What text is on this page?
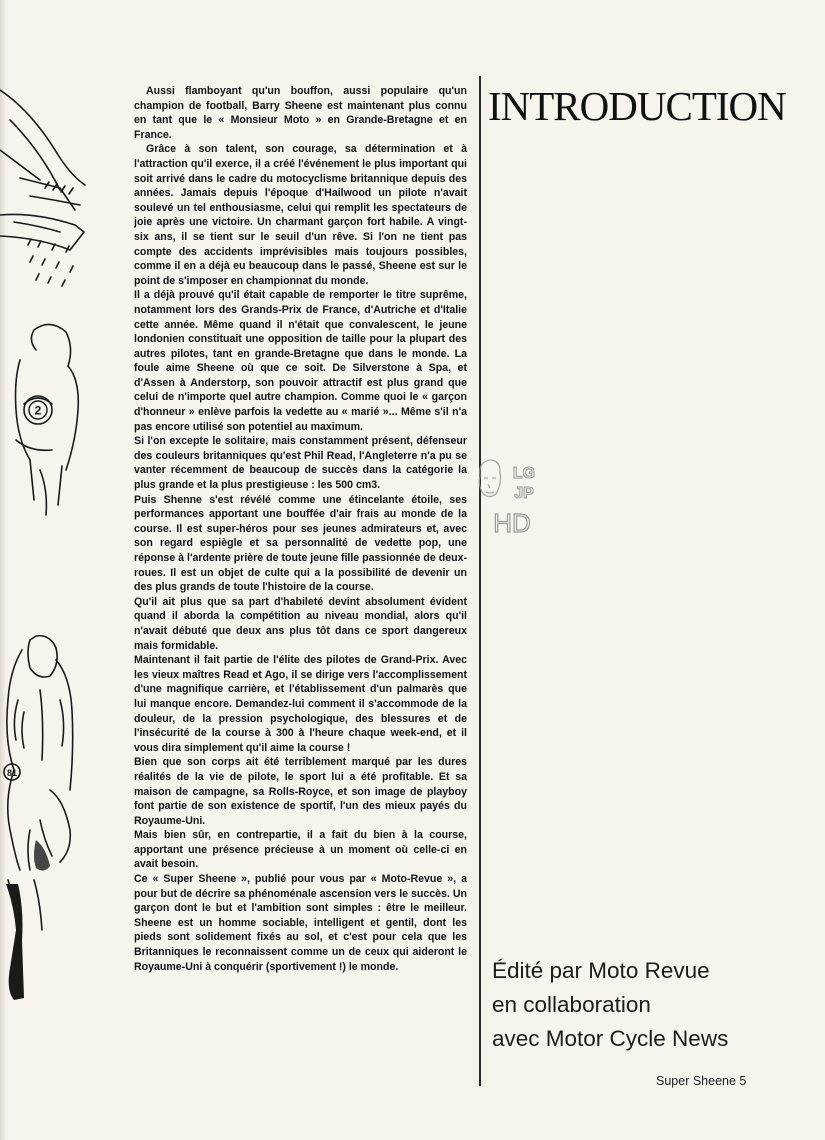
2
81

Aussi flamboyant qu'un bouffon, aussi populaire qu'un champion de football, Barry Sheene est maintenant plus connu en tant que le « Monsieur Moto » en Grande-Bretagne et en France.

Grâce à son talent, son courage, sa détermination et à l'attraction qu'il exerce, il a créé l'événement le plus important qui soit arrivé dans le cadre du motocyclisme britannique depuis des années. Jamais depuis l'époque d'Hailwood un pilote n'avait soulevé un tel enthousiasme, celui qui remplit les spectateurs de joie après une victoire. Un charmant garçon fort habile. A vingt-six ans, il se tient sur le seuil d'un rêve. Si l'on ne tient pas compte des accidents imprévisibles mais toujours possibles, comme il en a déjà eu beaucoup dans le passé, Sheene est sur le point de s'imposer en championnat du monde.

Il a déjà prouvé qu'il était capable de remporter le titre suprême, notamment lors des Grands-Prix de France, d'Autriche et d'Italie cette année. Même quand il n'était que convalescent, le jeune londonien constituait une opposition de taille pour la plupart des autres pilotes, tant en grande-Bretagne que dans le monde. La foule aime Sheene où que ce soit. De Silverstone à Spa, et d'Assen à Anderstorp, son pouvoir attractif est plus grand que celui de n'importe quel autre champion. Comme quoi le « garçon d'honneur » enlève parfois la vedette au « marié »... Même s'il n'a pas encore utilisé son potentiel au maximum.

Si l'on excepte le solitaire, mais constamment présent, défenseur des couleurs britanniques qu'est Phil Read, l'Angleterre n'a pu se vanter récemment de beaucoup de succès dans la catégorie la plus grande et la plus prestigieuse : les 500 cm3.

Puis Shenne s'est révélé comme une étincelante étoile, ses performances apportant une bouffée d'air frais au monde de la course. Il est super-héros pour ses jeunes admirateurs et, avec son regard espiègle et sa personnalité de vedette pop, une réponse à l'ardente prière de toute jeune fille passionnée de deux-roues. Il est un objet de culte qui a la possibilité de devenir un des plus grands de toute l'histoire de la course.

Qu'il ait plus que sa part d'habileté devint absolument évident quand il aborda la compétition au niveau mondial, alors qu'il n'avait débuté que deux ans plus tôt dans ce sport dangereux mais formidable.

Maintenant il fait partie de l'élite des pilotes de Grand-Prix. Avec les vieux maîtres Read et Ago, il se dirige vers l'accomplissement d'une magnifique carrière, et l'établissement d'un palmarès que lui manque encore. Demandez-lui comment il s'accommode de la douleur, de la pression psychologique, des blessures et de l'insécurité de la course à 300 à l'heure chaque week-end, et il vous dira simplement qu'il aime la course !

Bien que son corps ait été terriblement marqué par les dures réalités de la vie de pilote, le sport lui a été profitable. Et sa maison de campagne, sa Rolls-Royce, et son image de playboy font partie de son existence de sportif, l'un des mieux payés du Royaume-Uni.

Mais bien sûr, en contrepartie, il a fait du bien à la course, apportant une présence précieuse à un moment où celle-ci en avait besoin.

Ce « Super Sheene », publié pour vous par « Moto-Revue », a pour but de décrire sa phénoménale ascension vers le succès. Un garçon dont le but et l'ambition sont simples : être le meilleur. Sheene est un homme sociable, intelligent et gentil, dont les pieds sont solidement fixés au sol, et c'est pour cela que les Britanniques le reconnaissent comme un de ceux qui aideront le Royaume-Uni à conquérir (sportivement !) le monde.

INTRODUCTION
LG
JP
HD
Édité par Moto Revue
en collaboration
avec Motor Cycle News
Super Sheene 5
